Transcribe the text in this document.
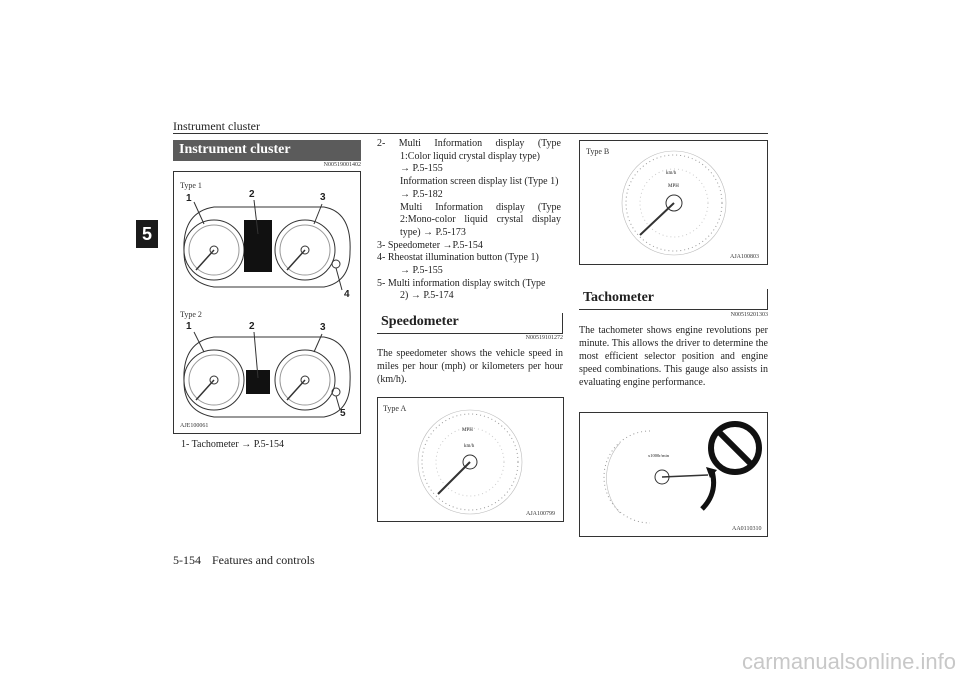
Instrument cluster
5
Instrument cluster
N00519001402
Type 1
Type 2
1	2	3
4
1	2	3
5
AJE100061
1- Tachometer → P.5-154
2- Multi Information display (Type
1:Color liquid crystal display type)
→ P.5-155
Information screen display list (Type 1)
→ P.5-182
Multi Information display (Type
2:Mono-color liquid crystal display
type) → P.5-173
3- Speedometer →P.5-154
4- Rheostat illumination button (Type 1)
→ P.5-155
5- Multi information display switch (Type
2) → P.5-174
Speedometer
N00519101272
The speedometer shows the vehicle speed in miles per hour (mph) or kilometers per hour (km/h).
Type A
MPH
km/h
AJA100799
Type B
km/h
MPH
AJA100803
Tachometer
N00519201303
The tachometer shows engine revolutions per minute. This allows the driver to determine the most efficient selector position and engine speed combinations. This gauge also assists in evaluating engine performance.
x1000r/min
AA0110310
5-154 Features and controls
carmanualsonline.info
